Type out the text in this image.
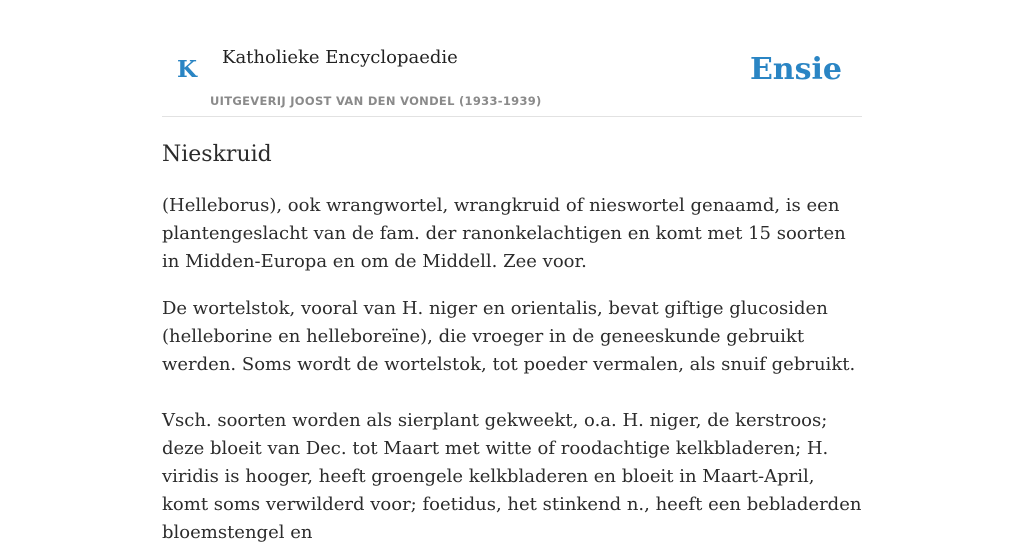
K Katholieke Encyclopaedie
UITGEVERIJ JOOST VAN DEN VONDEL (1933-1939)
Ensie
Nieskruid

(Helleborus), ook wrangwortel, wrangkruid of nieswortel genaamd, is een plantengeslacht van de fam. der ranonkelachtigen en komt met 15 soorten in Midden-Europa en om de Middell. Zee voor.

De wortelstok, vooral van H. niger en orientalis, bevat giftige glucosiden (helleborine en helleboreïne), die vroeger in de geneeskunde gebruikt werden. Soms wordt de wortelstok, tot poeder vermalen, als snuif gebruikt.

Vsch. soorten worden als sierplant gekweekt, o.a. H. niger, de kerstroos; deze bloeit van Dec. tot Maart met witte of roodachtige kelkbladeren; H. viridis is hooger, heeft groengele kelkbladeren en bloeit in Maart-April, komt soms verwilderd voor; foetidus, het stinkend n., heeft een bebladerden bloemstengel en
